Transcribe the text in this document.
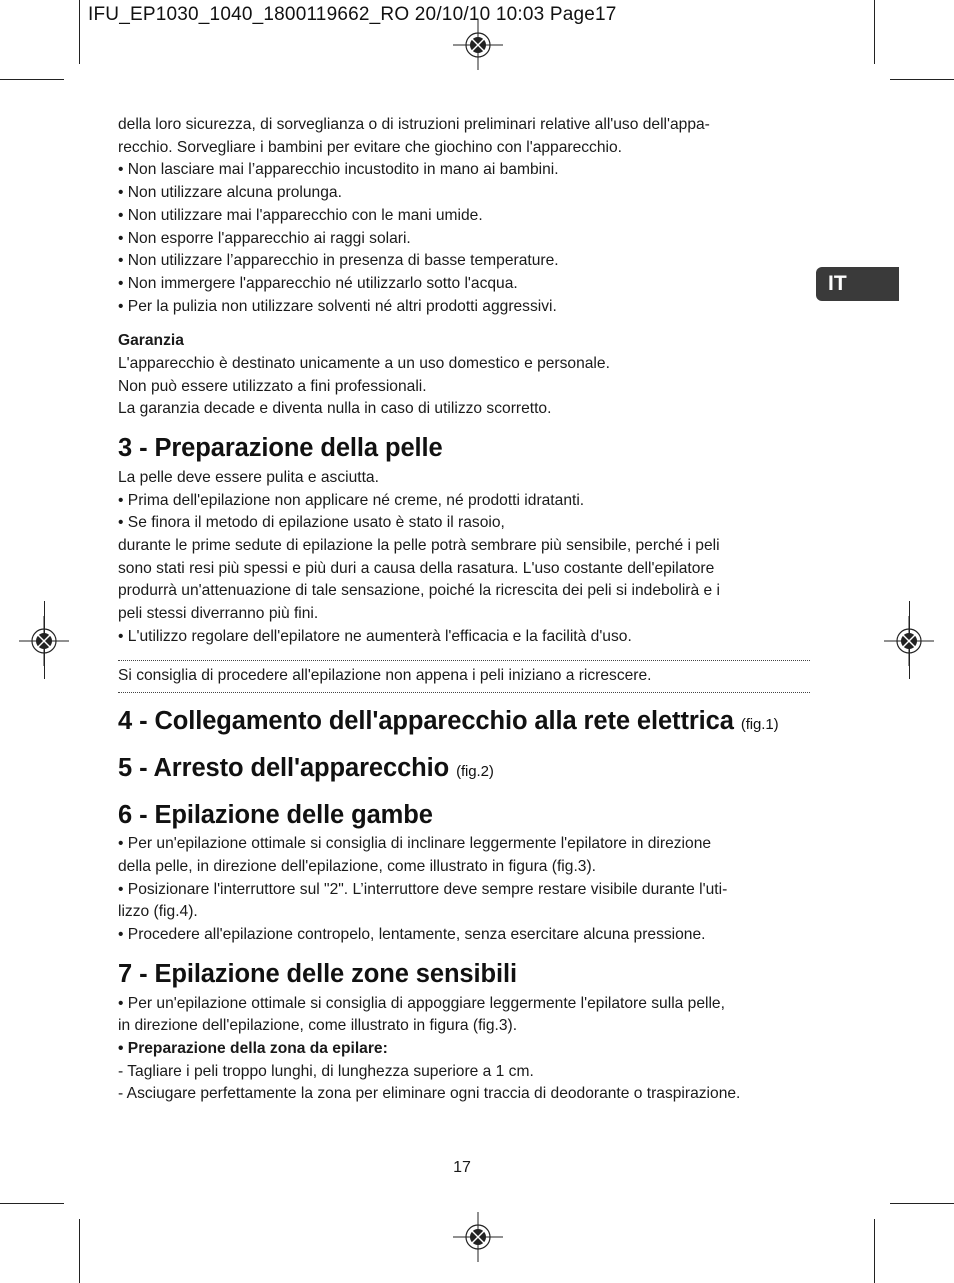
IFU_EP1030_1040_1800119662_RO 20/10/10 10:03 Page17
IT

della loro sicurezza, di sorveglianza o di istruzioni preliminari relative all'uso dell'appa-

recchio. Sorvegliare i bambini per evitare che giochino con l'apparecchio.

• Non lasciare mai l’apparecchio incustodito in mano ai bambini.

• Non utilizzare alcuna prolunga.

• Non utilizzare mai l'apparecchio con le mani umide.

• Non esporre l'apparecchio ai raggi solari.

• Non utilizzare l’apparecchio in presenza di basse temperature.

• Non immergere l'apparecchio né utilizzarlo sotto l'acqua.

• Per la pulizia non utilizzare solventi né altri prodotti aggressivi.

Garanzia

L'apparecchio è destinato unicamente a un uso domestico e personale.

Non può essere utilizzato a fini professionali.

La garanzia decade e diventa nulla in caso di utilizzo scorretto.

3 - Preparazione della pelle

La pelle deve essere pulita e asciutta.

• Prima dell'epilazione non applicare né creme, né prodotti idratanti.

• Se finora il metodo di epilazione usato è stato il rasoio,

durante le prime sedute di epilazione la pelle potrà sembrare più sensibile, perché i peli

sono stati resi più spessi e più duri a causa della rasatura. L'uso costante dell'epilatore

produrrà un'attenuazione di tale sensazione, poiché la ricrescita dei peli si indebolirà e i

peli stessi diverranno più fini.

• L'utilizzo regolare dell'epilatore ne aumenterà l'efficacia e la facilità d'uso.

Si consiglia di procedere all'epilazione non appena i peli iniziano a ricrescere.

4 - Collegamento dell'apparecchio alla rete elettrica (fig.1)
5 - Arresto dell'apparecchio (fig.2)
6 - Epilazione delle gambe

• Per un'epilazione ottimale si consiglia di inclinare leggermente l'epilatore in direzione

della pelle, in direzione dell'epilazione, come illustrato in figura (fig.3).

• Posizionare l'interruttore sul "2". L’interruttore deve sempre restare visibile durante l'uti-

lizzo (fig.4).

• Procedere all'epilazione contropelo, lentamente, senza esercitare alcuna pressione.

7 - Epilazione delle zone sensibili

• Per un'epilazione ottimale si consiglia di appoggiare leggermente l'epilatore sulla pelle,

in direzione dell'epilazione, come illustrato in figura (fig.3).

• Preparazione della zona da epilare:

- Tagliare i peli troppo lunghi, di lunghezza superiore a 1 cm.

- Asciugare perfettamente la zona per eliminare ogni traccia di deodorante o traspirazione.

17
